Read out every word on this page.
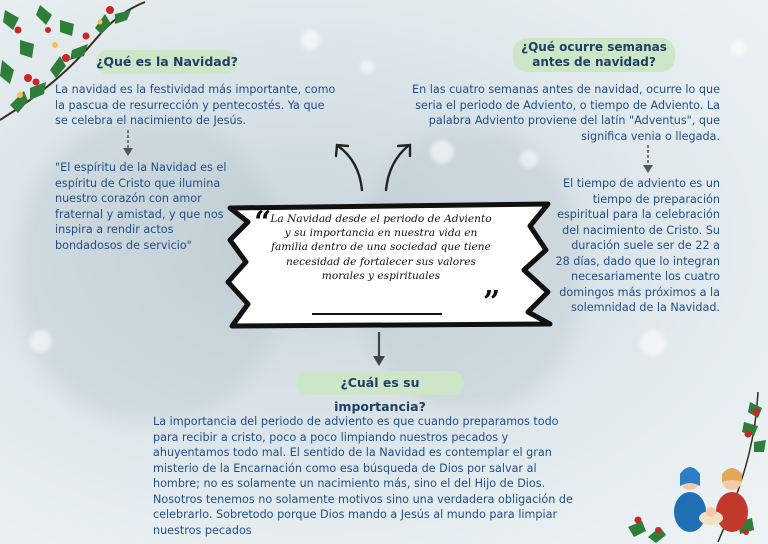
¿Qué es la Navidad?
La navidad es la festividad más importante, como la pascua de resurrección y pentecostés. Ya que se celebra el nacimiento de Jesús.
"El espíritu de la Navidad es el espíritu de Cristo que ilumina nuestro corazón con amor fraternal y amistad, y que nos inspira a rendir actos bondadosos de servicio"
¿Qué ocurre semanas antes de navidad?
En las cuatro semanas antes de navidad, ocurre lo que seria el periodo de Adviento, o tiempo de Adviento. La palabra Adviento proviene del latín "Adventus", que significa venia o llegada.
El tiempo de adviento es un tiempo de preparación espiritual para la celebración del nacimiento de Cristo. Su duración suele ser de 22 a 28 días, dado que lo integran necesariamente los cuatro domingos más próximos a la solemnidad de la Navidad.
“ La Navidad desde el periodo de Adviento y su importancia en nuestra vida en familia dentro de una sociedad que tiene necesidad de fortalecer sus valores morales y espirituales
”
¿Cuál es su importancia?
La importancia del periodo de adviento es que cuando preparamos todo para recibir a cristo, poco a poco limpiando nuestros pecados y ahuyentamos todo mal. El sentido de la Navidad es contemplar el gran misterio de la Encarnación como esa búsqueda de Dios por salvar al hombre; no es solamente un nacimiento más, sino el del Hijo de Dios. Nosotros tenemos no solamente motivos sino una verdadera obligación de celebrarlo. Sobretodo porque Dios mando a Jesús al mundo para limpiar nuestros pecados
